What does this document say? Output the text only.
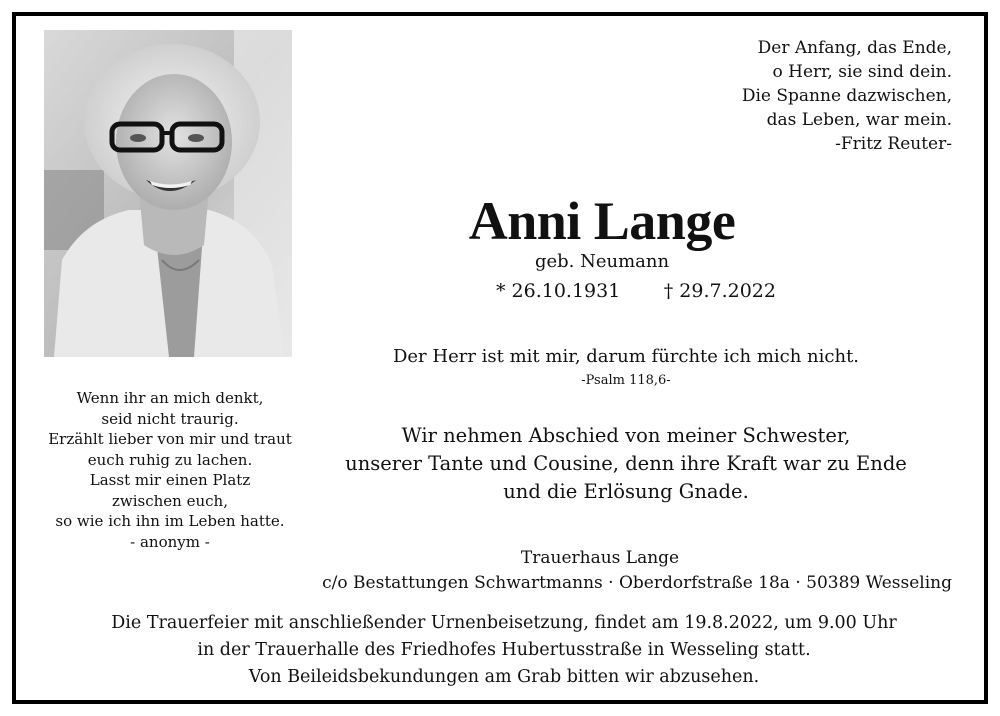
Der Anfang, das Ende,
o Herr, sie sind dein.
Die Spanne dazwischen,
das Leben, war mein.
-Fritz Reuter-
Anni Lange
geb. Neumann
* 26.10.1931 † 29.7.2022
Der Herr ist mit mir, darum fürchte ich mich nicht.
-Psalm 118,6-
Wenn ihr an mich denkt,
seid nicht traurig.
Erzählt lieber von mir und traut
euch ruhig zu lachen.
Lasst mir einen Platz
zwischen euch,
so wie ich ihn im Leben hatte.
- anonym -
Wir nehmen Abschied von meiner Schwester,
unserer Tante und Cousine, denn ihre Kraft war zu Ende
und die Erlösung Gnade.
Trauerhaus Lange
c/o Bestattungen Schwartmanns · Oberdorfstraße 18a · 50389 Wesseling
Die Trauerfeier mit anschließender Urnenbeisetzung, findet am 19.8.2022, um 9.00 Uhr
in der Trauerhalle des Friedhofes Hubertusstraße in Wesseling statt.
Von Beileidsbekundungen am Grab bitten wir abzusehen.
